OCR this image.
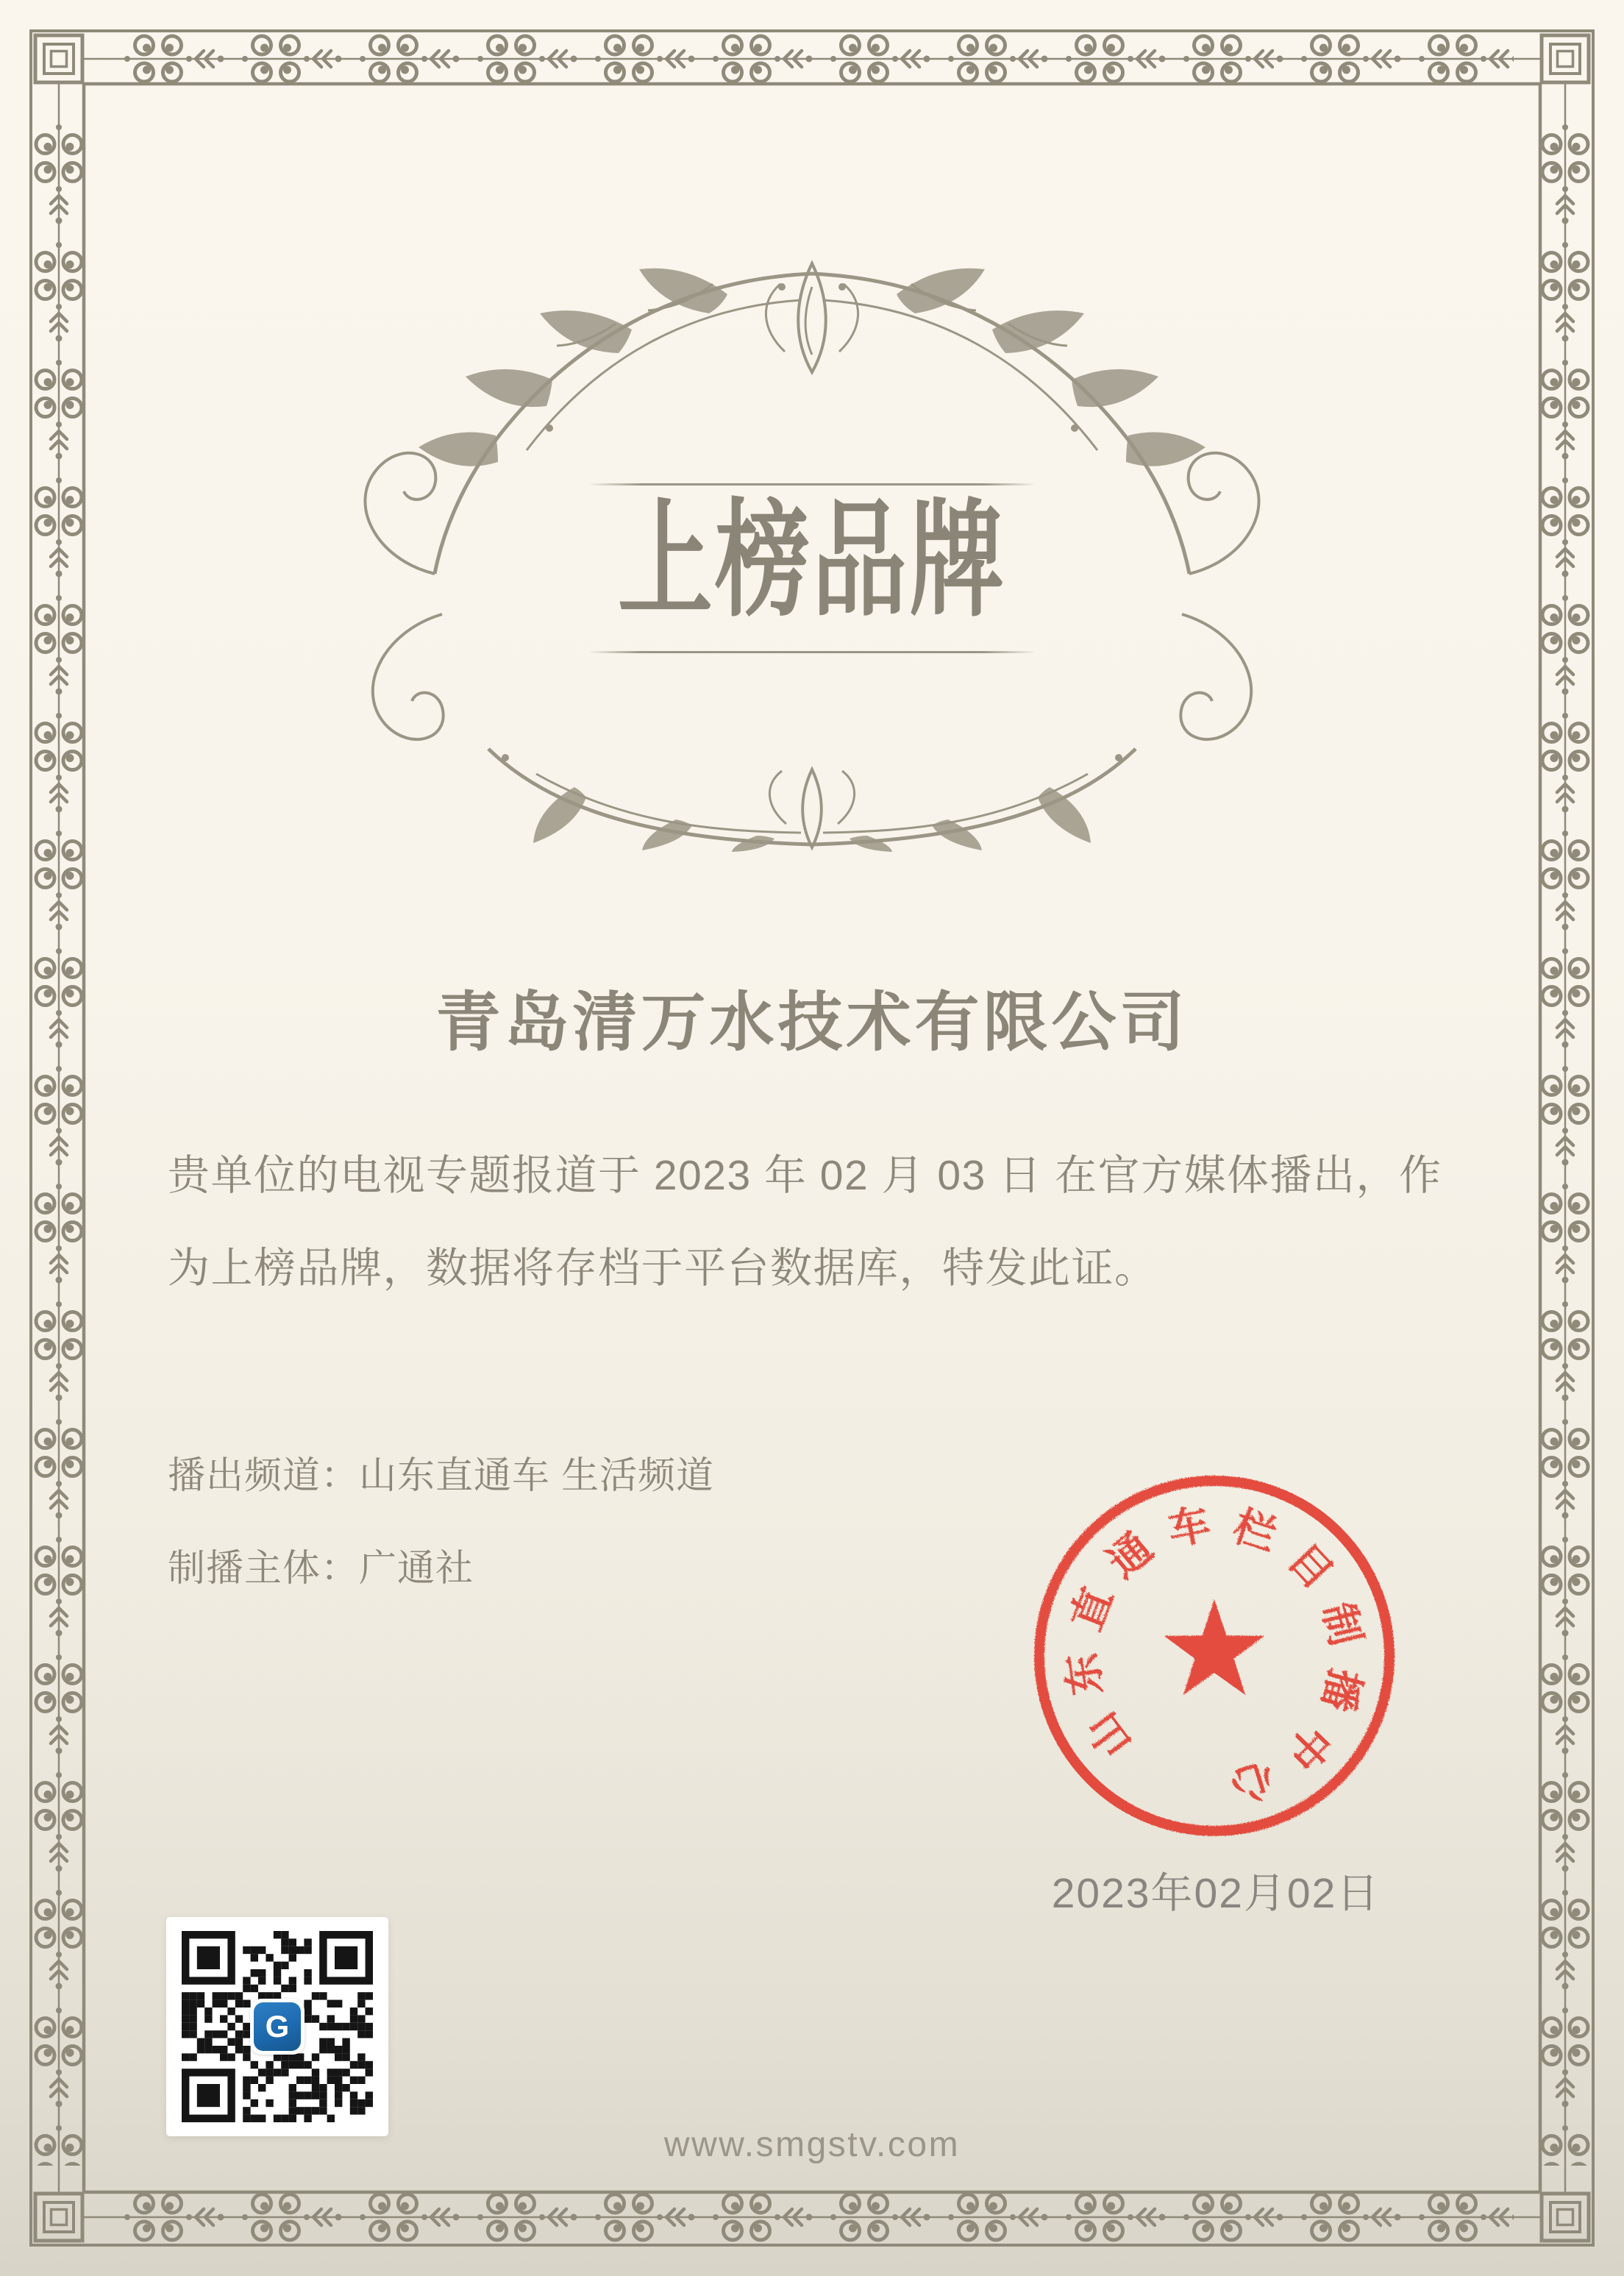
上榜品牌
青岛清万水技术有限公司
贵单位的电视专题报道于 2023 年 02 月 03 日 在官方媒体播出，作
为上榜品牌，数据将存档于平台数据库，特发此证。
播出频道：山东直通车 生活频道
制播主体：广通社
山
东
直
通 车 栏
目
制
播
中
心
2023年02月02日
G
www.smgstv.com
